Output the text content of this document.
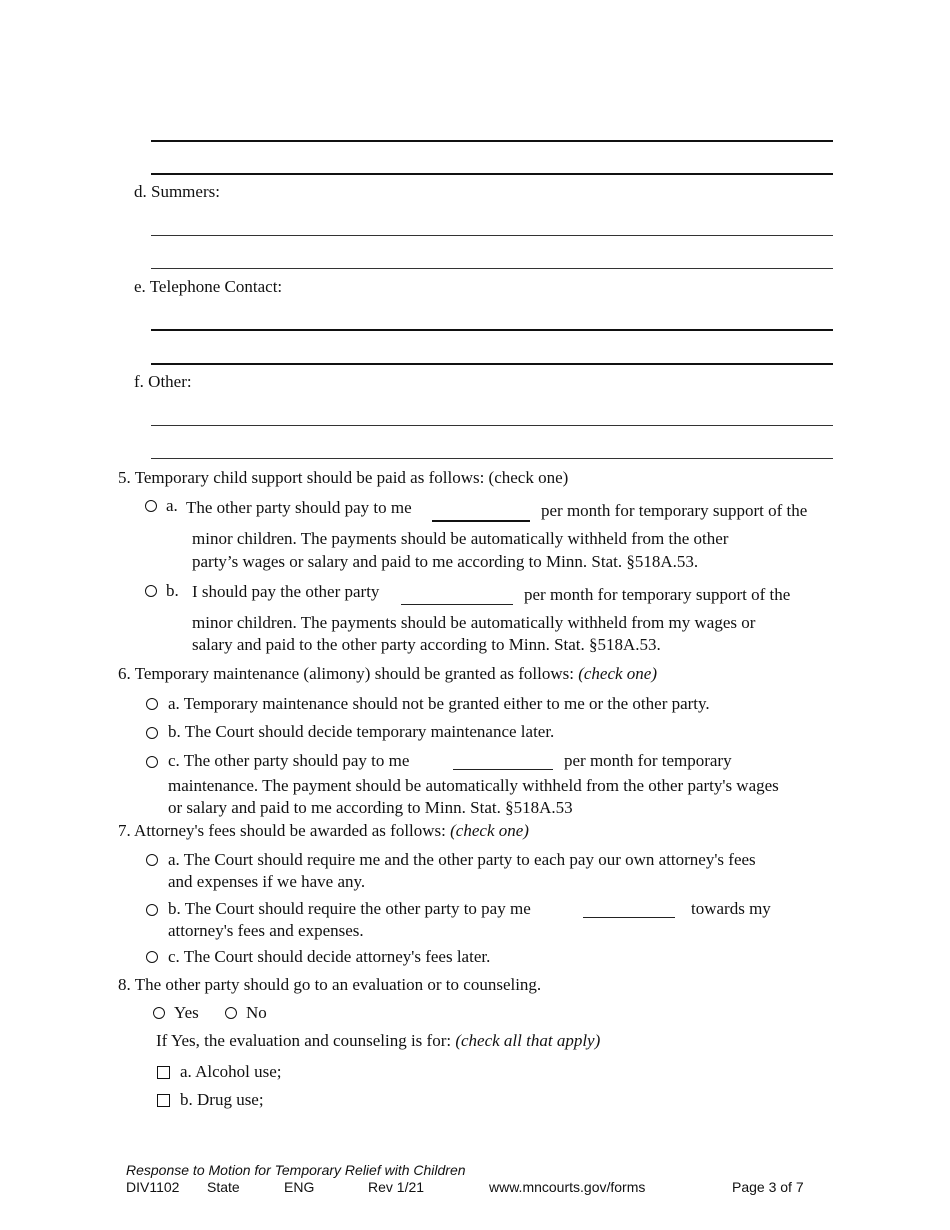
d. Summers:
e. Telephone Contact:
f. Other:
5. Temporary child support should be paid as follows: (check one)
a. The other party should pay to me	per month for temporary support of the
minor children. The payments should be automatically withheld from the other
party’s wages or salary and paid to me according to Minn. Stat. §518A.53.
b. I should pay the other party	per month for temporary support of the
minor children. The payments should be automatically withheld from my wages or
salary and paid to the other party according to Minn. Stat. §518A.53.
6. Temporary maintenance (alimony) should be granted as follows: (check one)
a. Temporary maintenance should not be granted either to me or the other party.
b. The Court should decide temporary maintenance later.
c. The other party should pay to me	per month for temporary
maintenance. The payment should be automatically withheld from the other party's wages
or salary and paid to me according to Minn. Stat. §518A.53
7. Attorney's fees should be awarded as follows: (check one)
a. The Court should require me and the other party to each pay our own attorney's fees
and expenses if we have any.
b. The Court should require the other party to pay me	towards my
attorney's fees and expenses.
c. The Court should decide attorney's fees later.
8. The other party should go to an evaluation or to counseling.
Yes	No
If Yes, the evaluation and counseling is for: (check all that apply)
a. Alcohol use;
b. Drug use;
Response to Motion for Temporary Relief with Children
DIV1102 State	ENG	Rev 1/21	www.mncourts.gov/forms	Page 3 of 7
